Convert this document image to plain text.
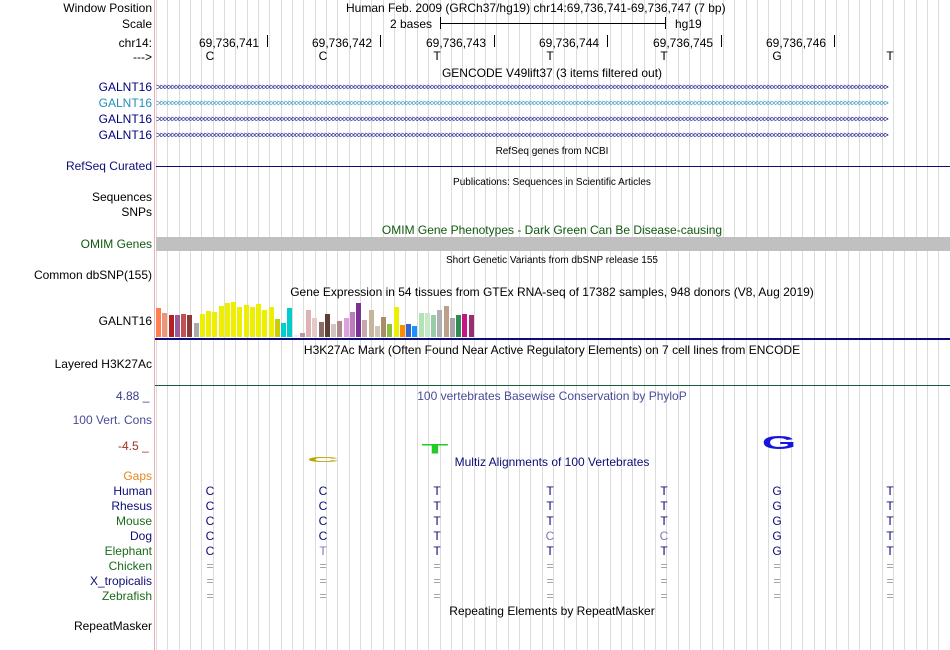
Window Position	Human Feb. 2009 (GRCh37/hg19) chr14:69,736,741-69,736,747 (7 bp)
Scale	2 bases	hg19
chr14:	69,736,741	69,736,742	69,736,743	69,736,744	69,736,745	69,736,746
--->	C	C	T	T	T	G	T
GENCODE V49lift37 (3 items filtered out)
GALNT16 >>>>>>>>>>>>>>>>>>>>>>>>>>>>>>>>>>>>>>>>>>>>>>>>>>>>>>>>>>>>>>>>>>>>>>>>>>>>>>>>>>>>>>>>>>>>>>>>>>>>>>>>>>>>>>>>>>>>>>>>>>>>>>>>>>>>>>>>>>>>>>>>>>>>>>>>>>>>>>>>>>>>>>>>>>>>>>>>>>>>>>>>>>>>>>>>>>>>>>>>
GALNT16 >>>>>>>>>>>>>>>>>>>>>>>>>>>>>>>>>>>>>>>>>>>>>>>>>>>>>>>>>>>>>>>>>>>>>>>>>>>>>>>>>>>>>>>>>>>>>>>>>>>>>>>>>>>>>>>>>>>>>>>>>>>>>>>>>>>>>>>>>>>>>>>>>>>>>>>>>>>>>>>>>>>>>>>>>>>>>>>>>>>>>>>>>>>>>>>>>>>>>>>>
GALNT16 >>>>>>>>>>>>>>>>>>>>>>>>>>>>>>>>>>>>>>>>>>>>>>>>>>>>>>>>>>>>>>>>>>>>>>>>>>>>>>>>>>>>>>>>>>>>>>>>>>>>>>>>>>>>>>>>>>>>>>>>>>>>>>>>>>>>>>>>>>>>>>>>>>>>>>>>>>>>>>>>>>>>>>>>>>>>>>>>>>>>>>>>>>>>>>>>>>>>>>>>
GALNT16 >>>>>>>>>>>>>>>>>>>>>>>>>>>>>>>>>>>>>>>>>>>>>>>>>>>>>>>>>>>>>>>>>>>>>>>>>>>>>>>>>>>>>>>>>>>>>>>>>>>>>>>>>>>>>>>>>>>>>>>>>>>>>>>>>>>>>>>>>>>>>>>>>>>>>>>>>>>>>>>>>>>>>>>>>>>>>>>>>>>>>>>>>>>>>>>>>>>>>>>>
RefSeq genes from NCBI
RefSeq Curated
Publications: Sequences in Scientific Articles
Sequences
SNPs
OMIM Gene Phenotypes - Dark Green Can Be Disease-causing
OMIM Genes
Short Genetic Variants from dbSNP release 155
Common dbSNP(155)
Gene Expression in 54 tissues from GTEx RNA-seq of 17382 samples, 948 donors (V8, Aug 2019)
GALNT16
H3K27Ac Mark (Often Found Near Active Regulatory Elements) on 7 cell lines from ENCODE
Layered H3K27Ac
100 vertebrates Basewise Conservation by PhyloP
4.88 _
100 Vert. Cons
-4.5 _
C
T	G
Multiz Alignments of 100 Vertebrates
Gaps
Human	C	C	T	T	T	G	T
Rhesus	C	C	T	T	T	G	T
Mouse	C	C	T	T	T	G	T
Dog	C	C	T	C	C	G	T
Elephant	C	T	T	T	T	G	T
Chicken	=	=	=	=	=	=	=
X_tropicalis	=	=	=	=	=	=	=
Zebrafish	=	=	=	=	=	=	=
Repeating Elements by RepeatMasker
RepeatMasker
